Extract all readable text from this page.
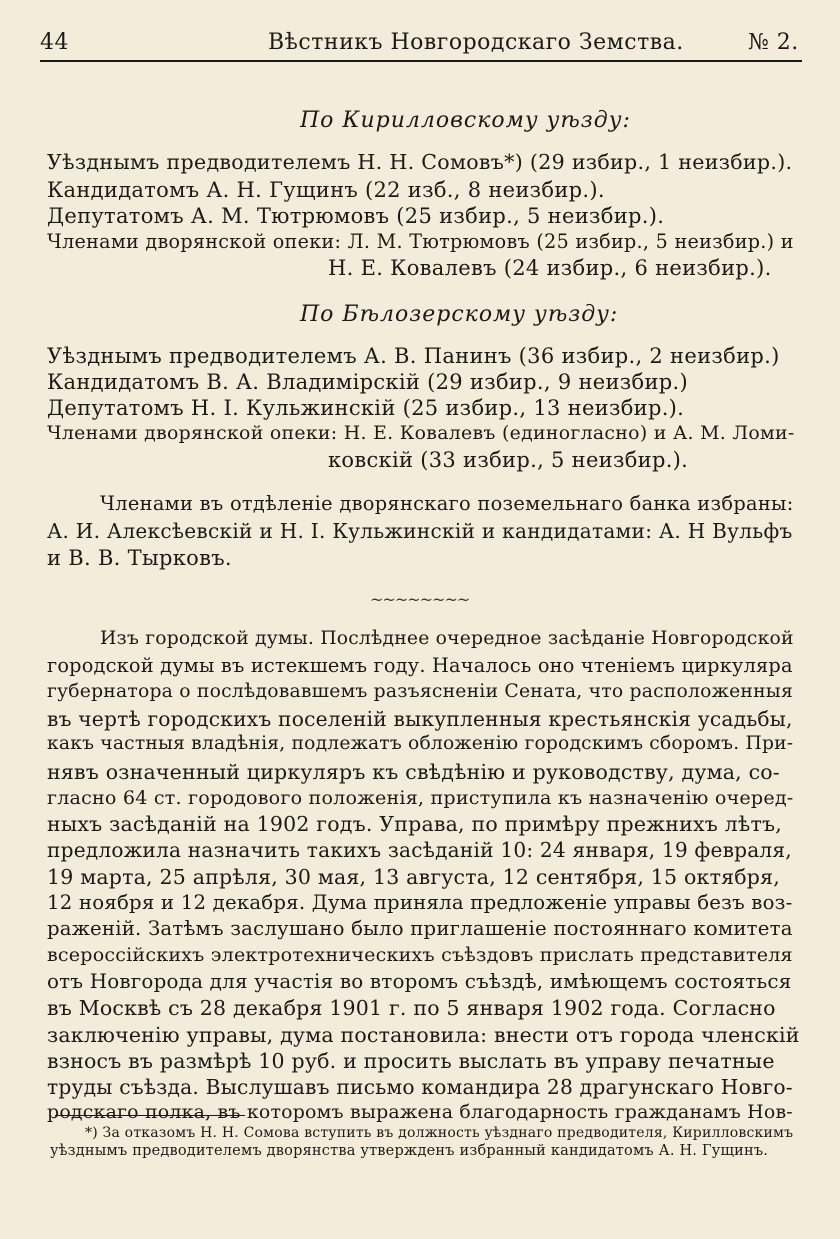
44	Вѣстникъ Новгородскаго Земства.	№ 2.
По Кирилловскому уѣзду:
Уѣзднымъ предводителемъ Н. Н. Сомовъ*) (29 избир., 1 неизбир.).
Кандидатомъ А. Н. Гущинъ (22 изб., 8 неизбир.).
Депутатомъ А. М. Тютрюмовъ (25 избир., 5 неизбир.).
Членами дворянской опеки: Л. М. Тютрюмовъ (25 избир., 5 неизбир.) и
Н. Е. Ковалевъ (24 избир., 6 неизбир.).
По Бѣлозерскому уѣзду:
Уѣзднымъ предводителемъ А. В. Панинъ (36 избир., 2 неизбир.)
Кандидатомъ В. А. Владимірскій (29 избир., 9 неизбир.)
Депутатомъ Н. І. Кульжинскій (25 избир., 13 неизбир.).
Членами дворянской опеки: Н. Е. Ковалевъ (единогласно) и А. М. Ломи-
ковскій (33 избир., 5 неизбир.).
Членами въ отдѣленіе дворянскаго поземельнаго банка избраны:
А. И. Алексѣевскій и Н. І. Кульжинскій и кандидатами: А. Н Вульфъ
и В. В. Тырковъ.
~~~~~~~~
Изъ городской думы. Послѣднее очередное засѣданіе Новгородской
городской думы въ истекшемъ году. Началось оно чтеніемъ циркуляра
губернатора о послѣдовавшемъ разъясненіи Сената, что расположенныя
въ чертѣ городскихъ поселеній выкупленныя крестьянскія усадьбы,
какъ частныя владѣнія, подлежатъ обложенію городскимъ сборомъ. При-
нявъ означенный циркуляръ къ свѣдѣнію и руководству, дума, со-
гласно 64 ст. городового положенія, приступила къ назначенію очеред-
ныхъ засѣданій на 1902 годъ. Управа, по примѣру прежнихъ лѣтъ,
предложила назначить такихъ засѣданій 10: 24 января, 19 февраля,
19 марта, 25 апрѣля, 30 мая, 13 августа, 12 сентября, 15 октября,
12 ноября и 12 декабря. Дума приняла предложеніе управы безъ воз-
раженій. Затѣмъ заслушано было приглашеніе постояннаго комитета
всероссійскихъ электротехническихъ съѣздовъ прислать представителя
отъ Новгорода для участія во второмъ съѣздѣ, имѣющемъ состояться
въ Москвѣ съ 28 декабря 1901 г. по 5 января 1902 года. Согласно
заключенію управы, дума постановила: внести отъ города членскій
взносъ въ размѣрѣ 10 руб. и просить выслать въ управу печатные
труды съѣзда. Выслушавъ письмо командира 28 драгунскаго Новго-
родскаго полка, въ которомъ выражена благодарность гражданамъ Нов-
*) За отказомъ Н. Н. Сомова вступить въ должность уѣзднаго предводителя, Кирилловскимъ
уѣзднымъ предводителемъ дворянства утвержденъ избранный кандидатомъ А. Н. Гущинъ.
